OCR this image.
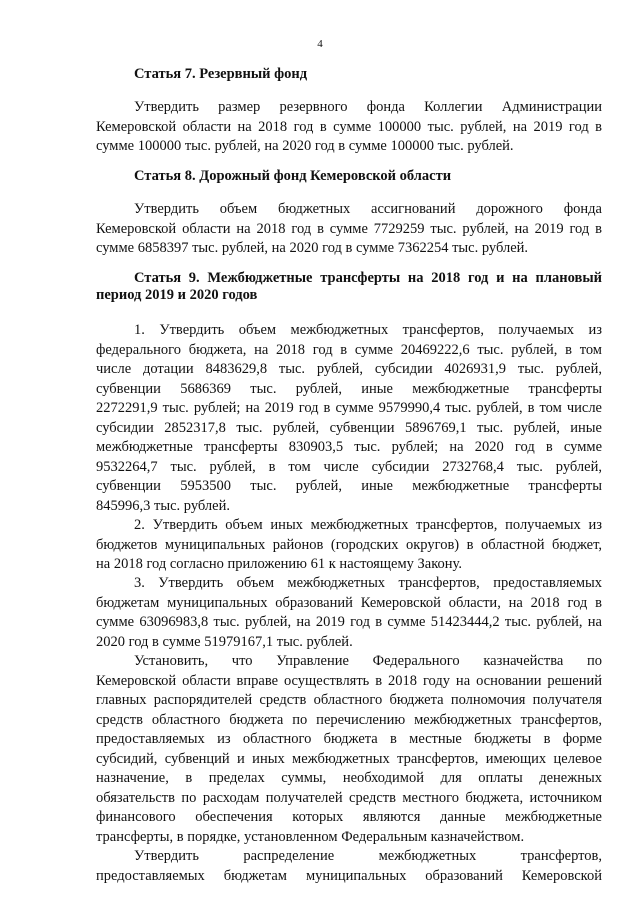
4
Статья 7. Резервный фонд
Утвердить размер резервного фонда Коллегии Администрации
Кемеровской области на 2018 год в сумме 100000 тыс. рублей, на 2019 год в
сумме 100000 тыс. рублей, на 2020 год в сумме 100000 тыс. рублей.
Статья 8. Дорожный фонд Кемеровской области
Утвердить объем бюджетных ассигнований дорожного фонда
Кемеровской области на 2018 год в сумме 7729259 тыс. рублей, на 2019 год в
сумме 6858397 тыс. рублей, на 2020 год в сумме 7362254 тыс. рублей.
Статья 9. Межбюджетные трансферты на 2018 год и на плановый
период 2019 и 2020 годов
1. Утвердить объем межбюджетных трансфертов, получаемых из
федерального бюджета, на 2018 год в сумме 20469222,6 тыс. рублей, в том
числе дотации 8483629,8 тыс. рублей, субсидии 4026931,9 тыс. рублей,
субвенции 5686369 тыс. рублей, иные межбюджетные трансферты
2272291,9 тыс. рублей; на 2019 год в сумме 9579990,4 тыс. рублей, в том числе
субсидии 2852317,8 тыс. рублей, субвенции 5896769,1 тыс. рублей, иные
межбюджетные трансферты 830903,5 тыс. рублей; на 2020 год в сумме
9532264,7 тыс. рублей, в том числе субсидии 2732768,4 тыс. рублей,
субвенции 5953500 тыс. рублей, иные межбюджетные трансферты
845996,3 тыс. рублей.
2. Утвердить объем иных межбюджетных трансфертов, получаемых из
бюджетов муниципальных районов (городских округов) в областной бюджет,
на 2018 год согласно приложению 61 к настоящему Закону.
3. Утвердить объем межбюджетных трансфертов, предоставляемых
бюджетам муниципальных образований Кемеровской области, на 2018 год в
сумме 63096983,8 тыс. рублей, на 2019 год в сумме 51423444,2 тыс. рублей, на
2020 год в сумме 51979167,1 тыс. рублей.
Установить, что Управление Федерального казначейства по
Кемеровской области вправе осуществлять в 2018 году на основании решений
главных распорядителей средств областного бюджета полномочия получателя
средств областного бюджета по перечислению межбюджетных трансфертов,
предоставляемых из областного бюджета в местные бюджеты в форме
субсидий, субвенций и иных межбюджетных трансфертов, имеющих целевое
назначение, в пределах суммы, необходимой для оплаты денежных
обязательств по расходам получателей средств местного бюджета, источником
финансового обеспечения которых являются данные межбюджетные
трансферты, в порядке, установленном Федеральным казначейством.
Утвердить распределение межбюджетных трансфертов,
предоставляемых бюджетам муниципальных образований Кемеровской
